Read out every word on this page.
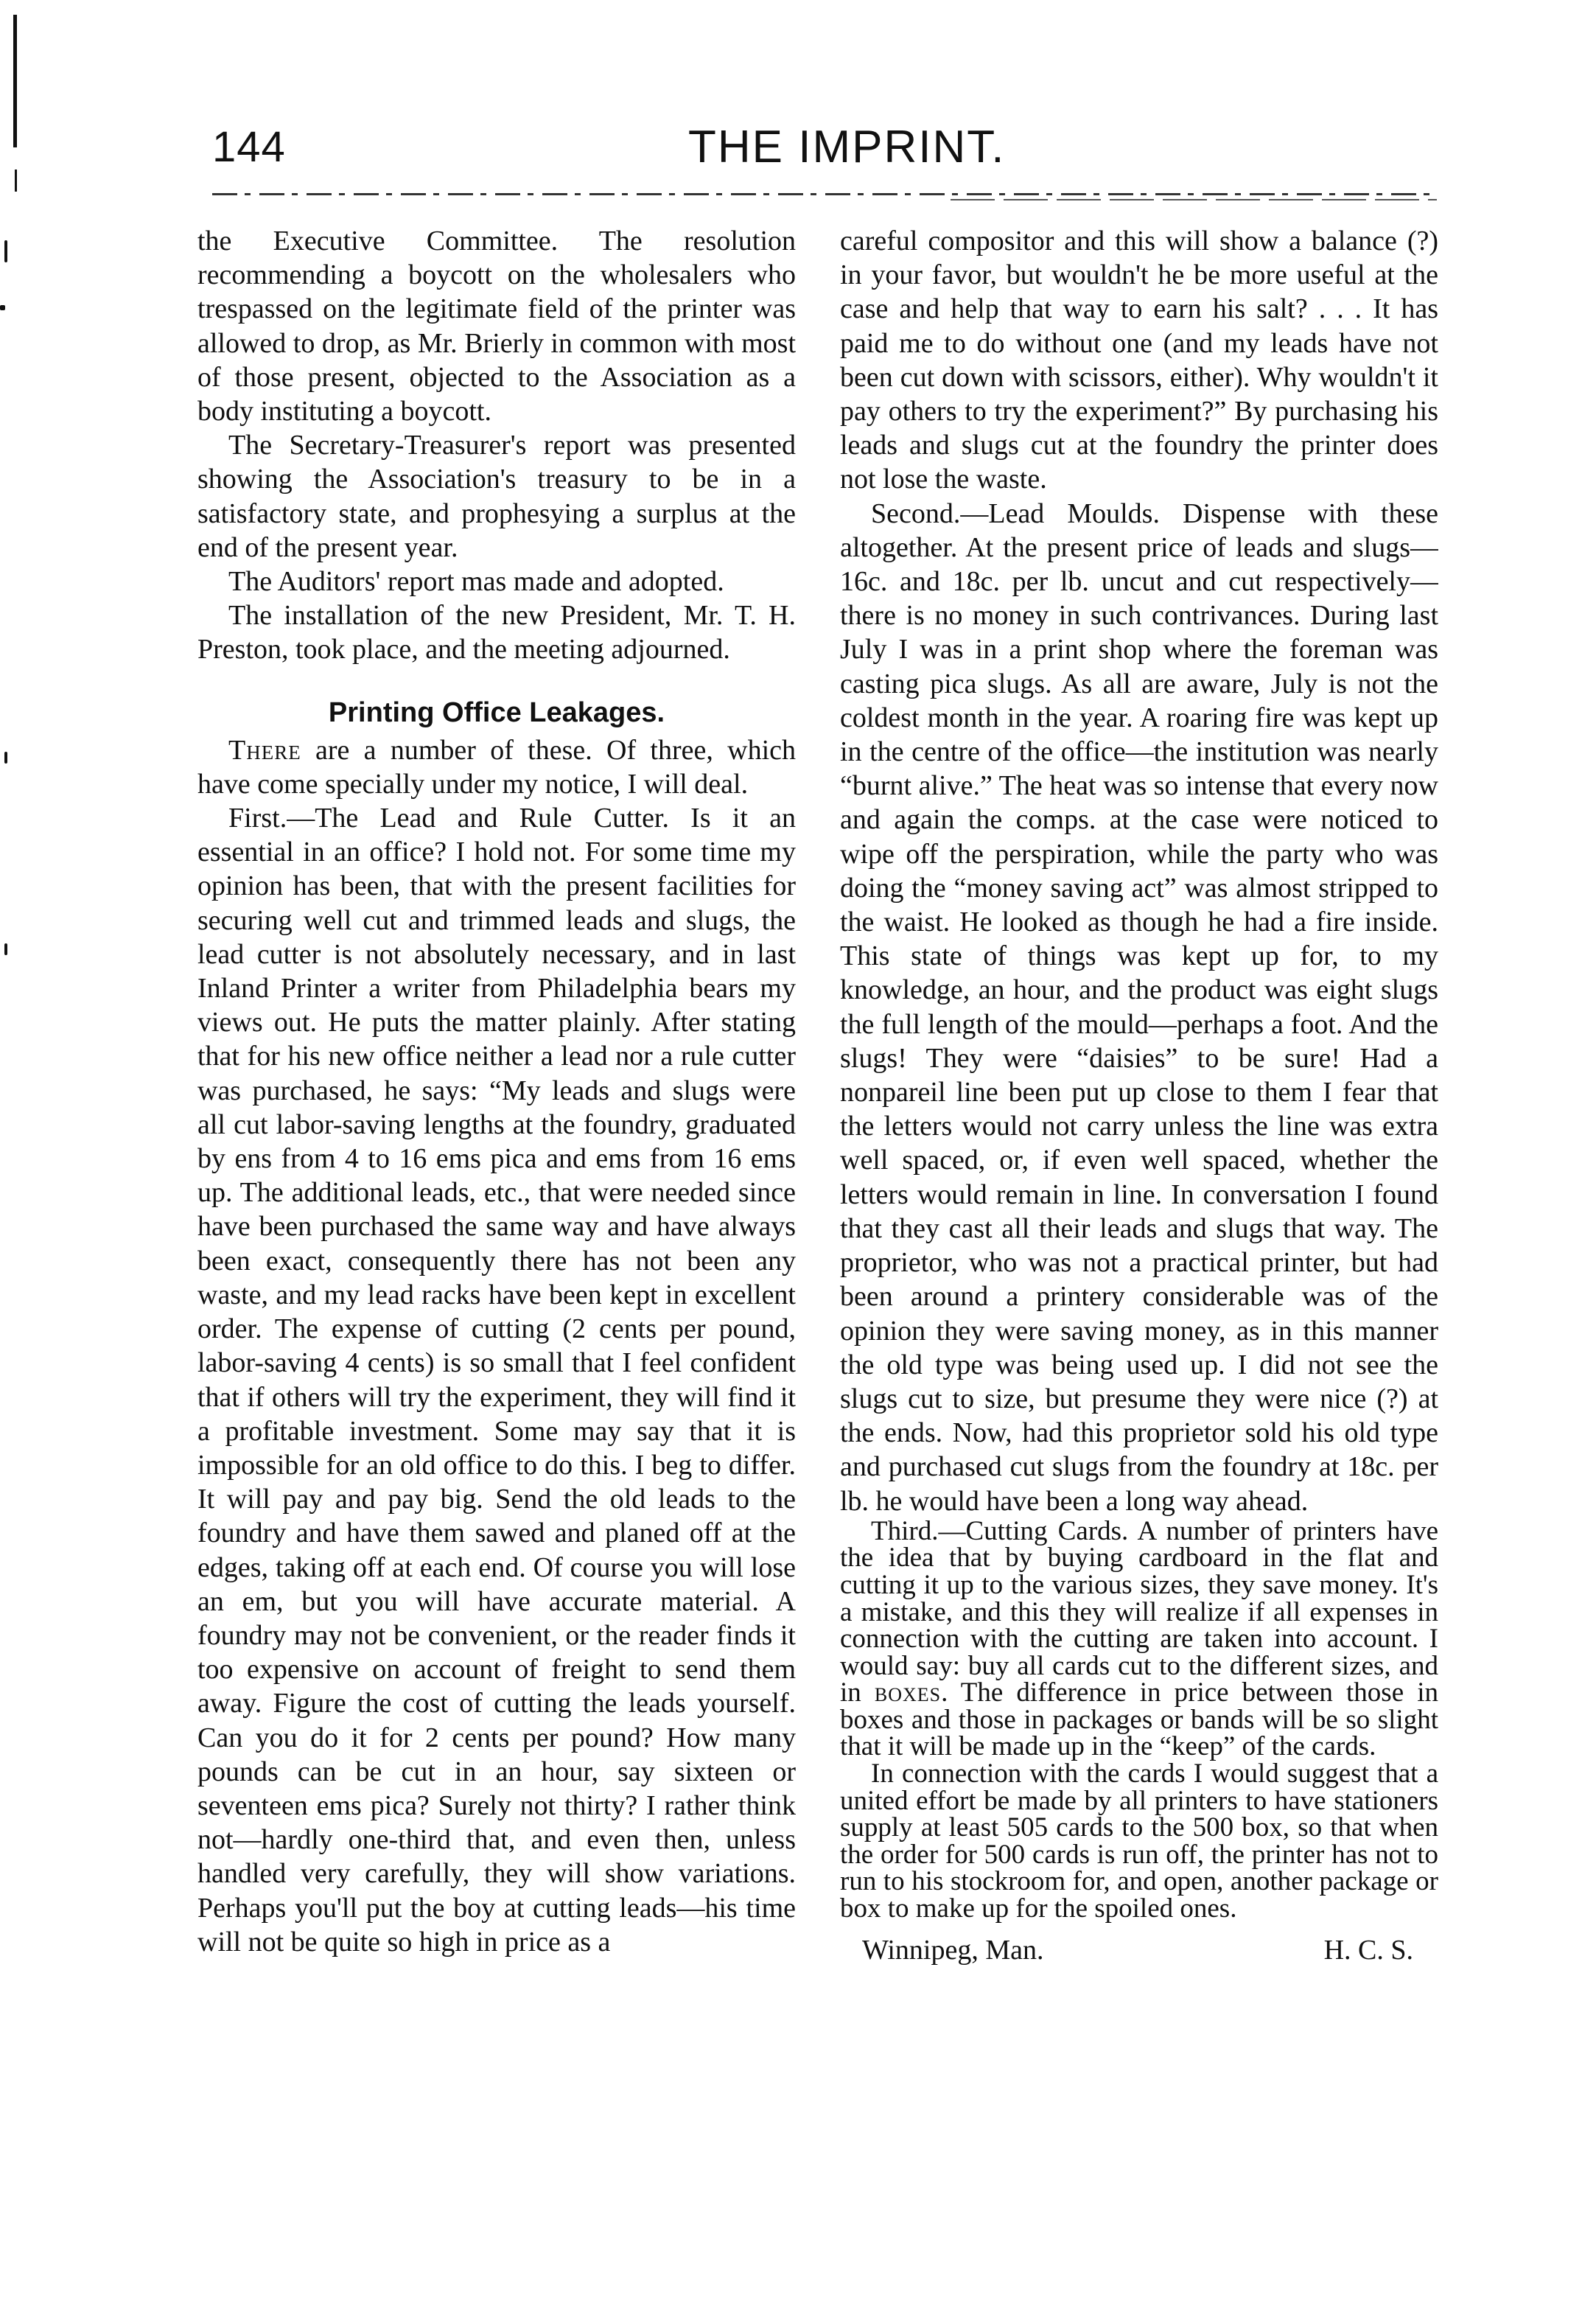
144	THE IMPRINT.

the Executive Committee. The resolution recommending a boycott on the wholesalers who trespassed on the legitimate field of the printer was allowed to drop, as Mr. Brierly in common with most of those present, objected to the Association as a body instituting a boycott.

The Secretary-Treasurer's report was presented showing the Association's treasury to be in a satisfactory state, and prophesying a surplus at the end of the present year.

The Auditors' report mas made and adopted.

The installation of the new President, Mr. T. H. Preston, took place, and the meeting adjourned.

Printing Office Leakages.

There are a number of these. Of three, which have come specially under my notice, I will deal.

First.—The Lead and Rule Cutter. Is it an essential in an office? I hold not. For some time my opinion has been, that with the present facilities for securing well cut and trimmed leads and slugs, the lead cutter is not absolutely necessary, and in last Inland Printer a writer from Philadelphia bears my views out. He puts the matter plainly. After stating that for his new office neither a lead nor a rule cutter was purchased, he says: “My leads and slugs were all cut labor-saving lengths at the foundry, graduated by ens from 4 to 16 ems pica and ems from 16 ems up. The additional leads, etc., that were needed since have been purchased the same way and have always been exact, consequently there has not been any waste, and my lead racks have been kept in excellent order. The expense of cutting (2 cents per pound, labor-saving 4 cents) is so small that I feel confident that if others will try the experiment, they will find it a profitable investment. Some may say that it is impossible for an old office to do this. I beg to differ. It will pay and pay big. Send the old leads to the foundry and have them sawed and planed off at the edges, taking off at each end. Of course you will lose an em, but you will have accurate material. A foundry may not be convenient, or the reader finds it too expensive on account of freight to send them away. Figure the cost of cutting the leads yourself. Can you do it for 2 cents per pound? How many pounds can be cut in an hour, say sixteen or seventeen ems pica? Surely not thirty? I rather think not—hardly one-third that, and even then, unless handled very carefully, they will show variations. Perhaps you'll put the boy at cutting leads—his time will not be quite so high in price as a

careful compositor and this will show a balance (?) in your favor, but wouldn't he be more useful at the case and help that way to earn his salt? . . . It has paid me to do without one (and my leads have not been cut down with scissors, either). Why wouldn't it pay others to try the experiment?” By purchasing his leads and slugs cut at the foundry the printer does not lose the waste.

Second.—Lead Moulds. Dispense with these altogether. At the present price of leads and slugs—16c. and 18c. per lb. uncut and cut respectively—there is no money in such contrivances. During last July I was in a print shop where the foreman was casting pica slugs. As all are aware, July is not the coldest month in the year. A roaring fire was kept up in the centre of the office—the institution was nearly “burnt alive.” The heat was so intense that every now and again the comps. at the case were noticed to wipe off the perspiration, while the party who was doing the “money saving act” was almost stripped to the waist. He looked as though he had a fire inside. This state of things was kept up for, to my knowledge, an hour, and the product was eight slugs the full length of the mould—perhaps a foot. And the slugs! They were “daisies” to be sure! Had a nonpareil line been put up close to them I fear that the letters would not carry unless the line was extra well spaced, or, if even well spaced, whether the letters would remain in line. In conversation I found that they cast all their leads and slugs that way. The proprietor, who was not a practical printer, but had been around a printery considerable was of the opinion they were saving money, as in this manner the old type was being used up. I did not see the slugs cut to size, but presume they were nice (?) at the ends. Now, had this proprietor sold his old type and purchased cut slugs from the foundry at 18c. per lb. he would have been a long way ahead.

Third.—Cutting Cards. A number of printers have the idea that by buying cardboard in the flat and cutting it up to the various sizes, they save money. It's a mistake, and this they will realize if all expenses in connection with the cutting are taken into account. I would say: buy all cards cut to the different sizes, and in boxes. The difference in price between those in boxes and those in packages or bands will be so slight that it will be made up in the “keep” of the cards.

In connection with the cards I would suggest that a united effort be made by all printers to have stationers supply at least 505 cards to the 500 box, so that when the order for 500 cards is run off, the printer has not to run to his stockroom for, and open, another package or box to make up for the spoiled ones.

Winnipeg, Man.	H. C. S.
